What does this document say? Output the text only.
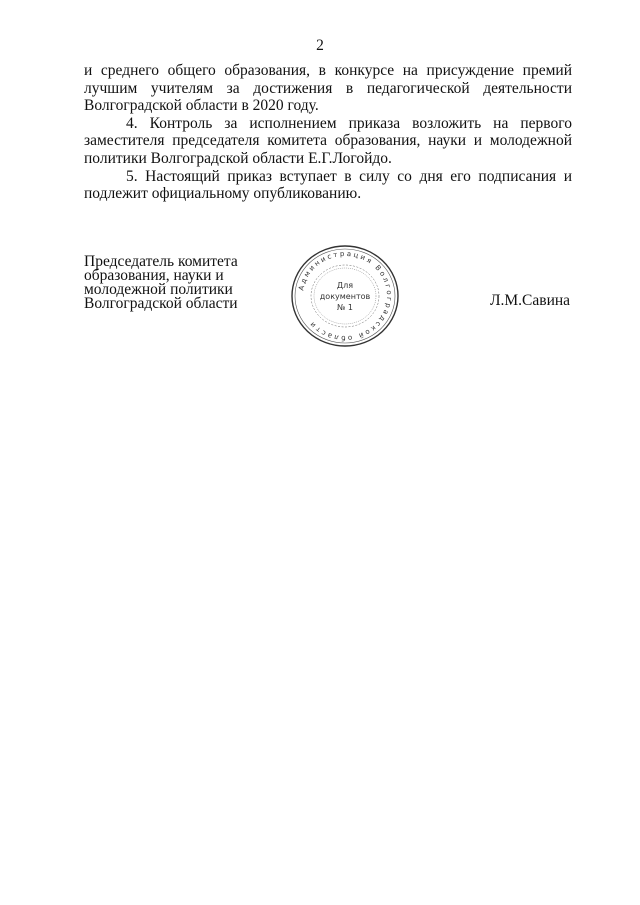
2

и среднего общего образования, в конкурсе на присуждение премий лучшим учителям за достижения в педагогической деятельности Волгоградской области в 2020 году.

4. Контроль за исполнением приказа возложить на первого заместителя председателя комитета образования, науки и молодежной политики Волгоградской области Е.Г.Логойдо.

5. Настоящий приказ вступает в силу со дня его подписания и подлежит официальному опубликованию.

Председатель комитета
образования, науки и
молодежной политики
Волгоградской области
Администрация Волгоградской области
Для
документов
№ 1	Л.М.Савина
